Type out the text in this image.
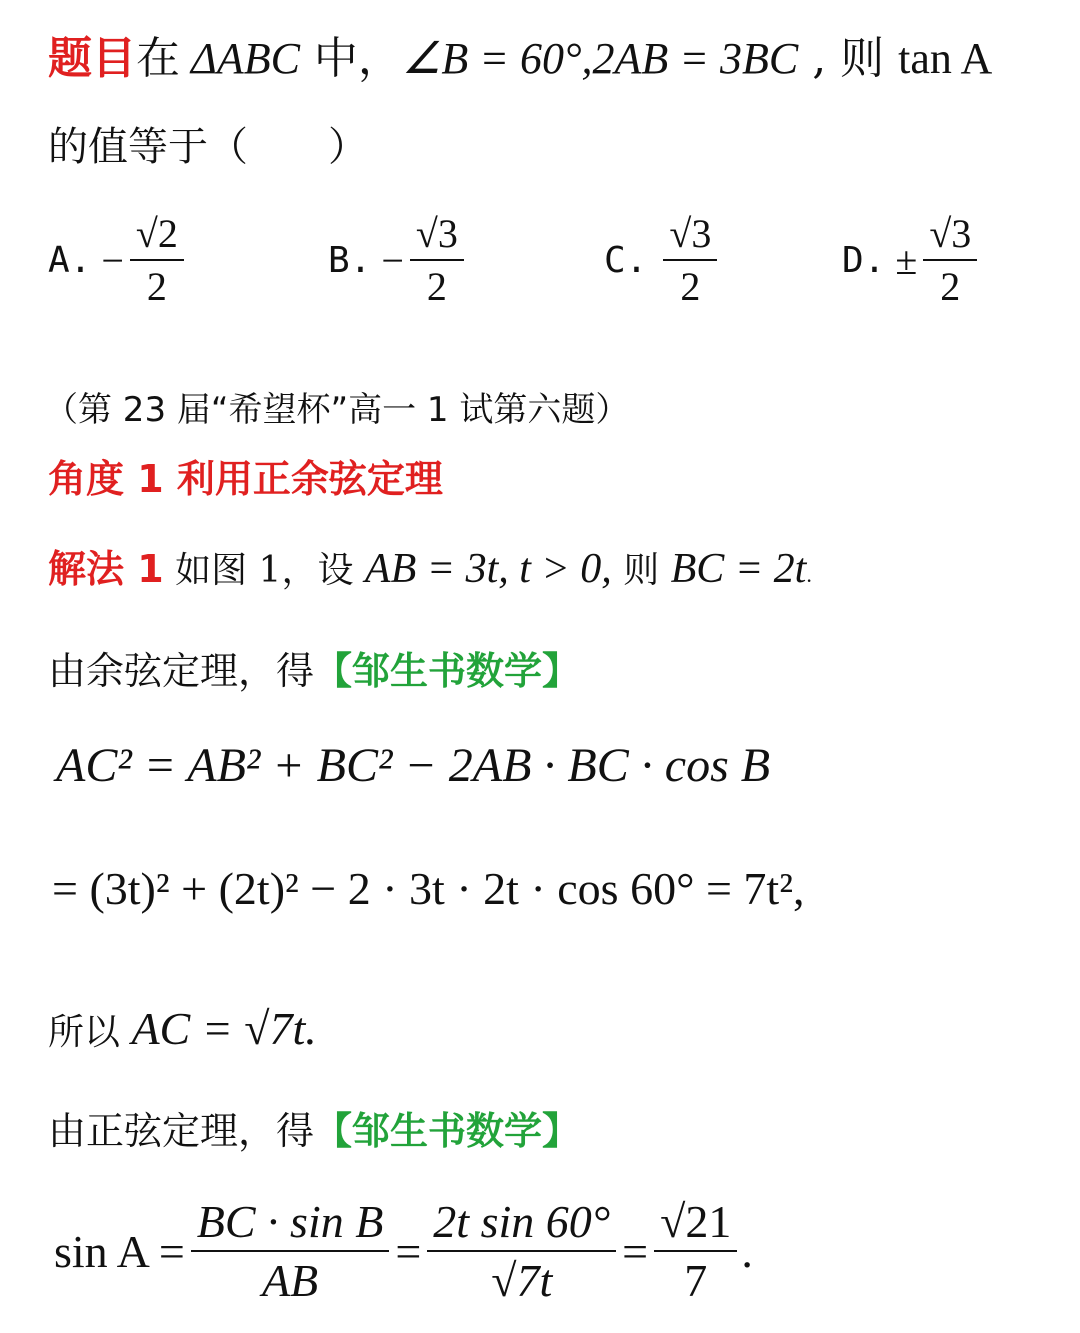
题目在 ΔABC 中，∠B = 60°,2AB = 3BC , 则 tan A
的值等于（　　）
A. − $\frac{√2}{2}$	B. − $\frac{√3}{2}$	C. $\frac{√3}{2}$	D. ± $\frac{√3}{2}$
（第 23 届“希望杯”高一 1 试第六题）
角度 1 利用正余弦定理
解法 1 如图 1，设 AB = 3t, t > 0, 则 BC = 2t.
由余弦定理，得【邹生书数学】
AC² = AB² + BC² − 2AB · BC · cos B
= (3t)² + (2t)² − 2 · 3t · 2t · cos 60° = 7t²,
所以 AC = √7t.
由正弦定理，得【邹生书数学】
$\sin A = \frac{\text{BC · sin B}}{AB} = \frac{\text{2t sin 60°}}{√7t} = \frac{√21}{7}$ .
